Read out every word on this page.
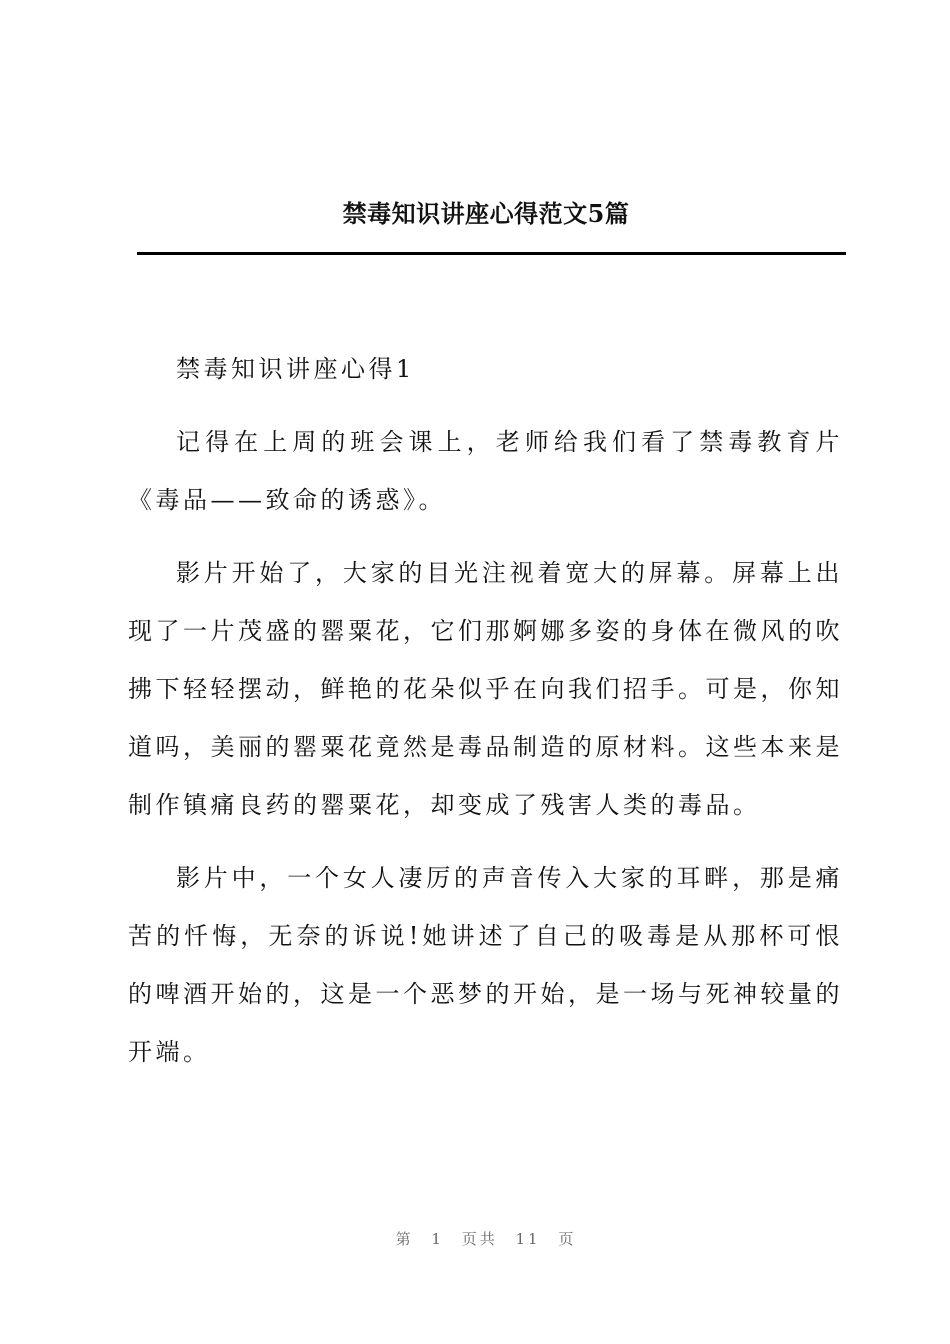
禁毒知识讲座心得范文5篇

禁毒知识讲座心得1

记得在上周的班会课上，老师给我们看了禁毒教育片《毒品——致命的诱惑》。

影片开始了，大家的目光注视着宽大的屏幕。屏幕上出现了一片茂盛的罂粟花，它们那婀娜多姿的身体在微风的吹拂下轻轻摆动，鲜艳的花朵似乎在向我们招手。可是，你知道吗，美丽的罂粟花竟然是毒品制造的原材料。这些本来是制作镇痛良药的罂粟花，却变成了残害人类的毒品。

影片中，一个女人凄厉的声音传入大家的耳畔，那是痛苦的忏悔，无奈的诉说!她讲述了自己的吸毒是从那杯可恨的啤酒开始的，这是一个恶梦的开始，是一场与死神较量的开端。

第 1 页共 11 页
